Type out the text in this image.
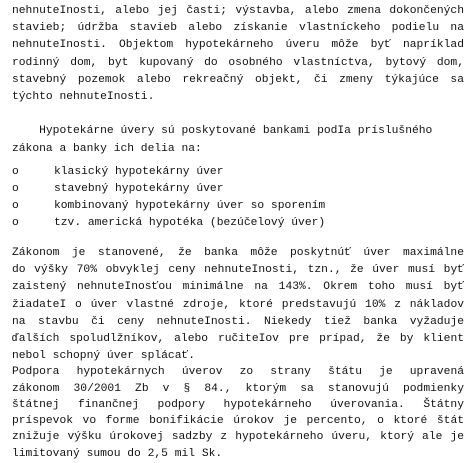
nehnuteInosti, alebo jej časti; výstavba, alebo zmena dokončených
stavieb; údržba stavieb alebo získanie vlastníckeho podielu na
nehnuteInosti. Objektom hypotekárneho úveru môže byť napríklad
rodinný dom, byt kupovaný do osobného vlastníctva, bytový dom,
stavebný pozemok alebo rekreačný objekt, či zmeny týkajúce sa
týchto nehnuteInosti.
Hypotekárne úvery sú poskytované bankami podIa príslušného
zákona a banky ich delia na:
o	klasický hypotekárny úver
o	stavebný hypotekárny úver
o	kombinovaný hypotekárny úver so sporením
o	tzv. americká hypotéka (bezúčelový úver)
Zákonom je stanovené, že banka môže poskytnúť úver maximálne
do výšky 70% obvyklej ceny nehnuteInosti, tzn., že úver musí byť
zaistený nehnuteInosťou minimálne na 143%. Okrem toho musí byť
žiadateI o úver vlastné zdroje, ktoré predstavujú 10% z nákladov
na stavbu či ceny nehnuteInosti. Niekedy tiež banka vyžaduje
ďalších spoludlžníkov, alebo ručiteIov pre prípad, že by klient
nebol schopný úver splácať.
Podpora hypotekárnych úverov zo strany štátu je upravená
zákonom 30/2001 Zb v § 84., ktorým sa stanovujú podmienky
štátnej finančnej podpory hypotekárneho úverovania. Štátny
príspevok vo forme bonifikácie úrokov je percento, o ktoré štát
znižuje výšku úrokovej sadzby z hypotekárneho úveru, ktorý ale je
limitovaný sumou do 2,5 mil Sk.
